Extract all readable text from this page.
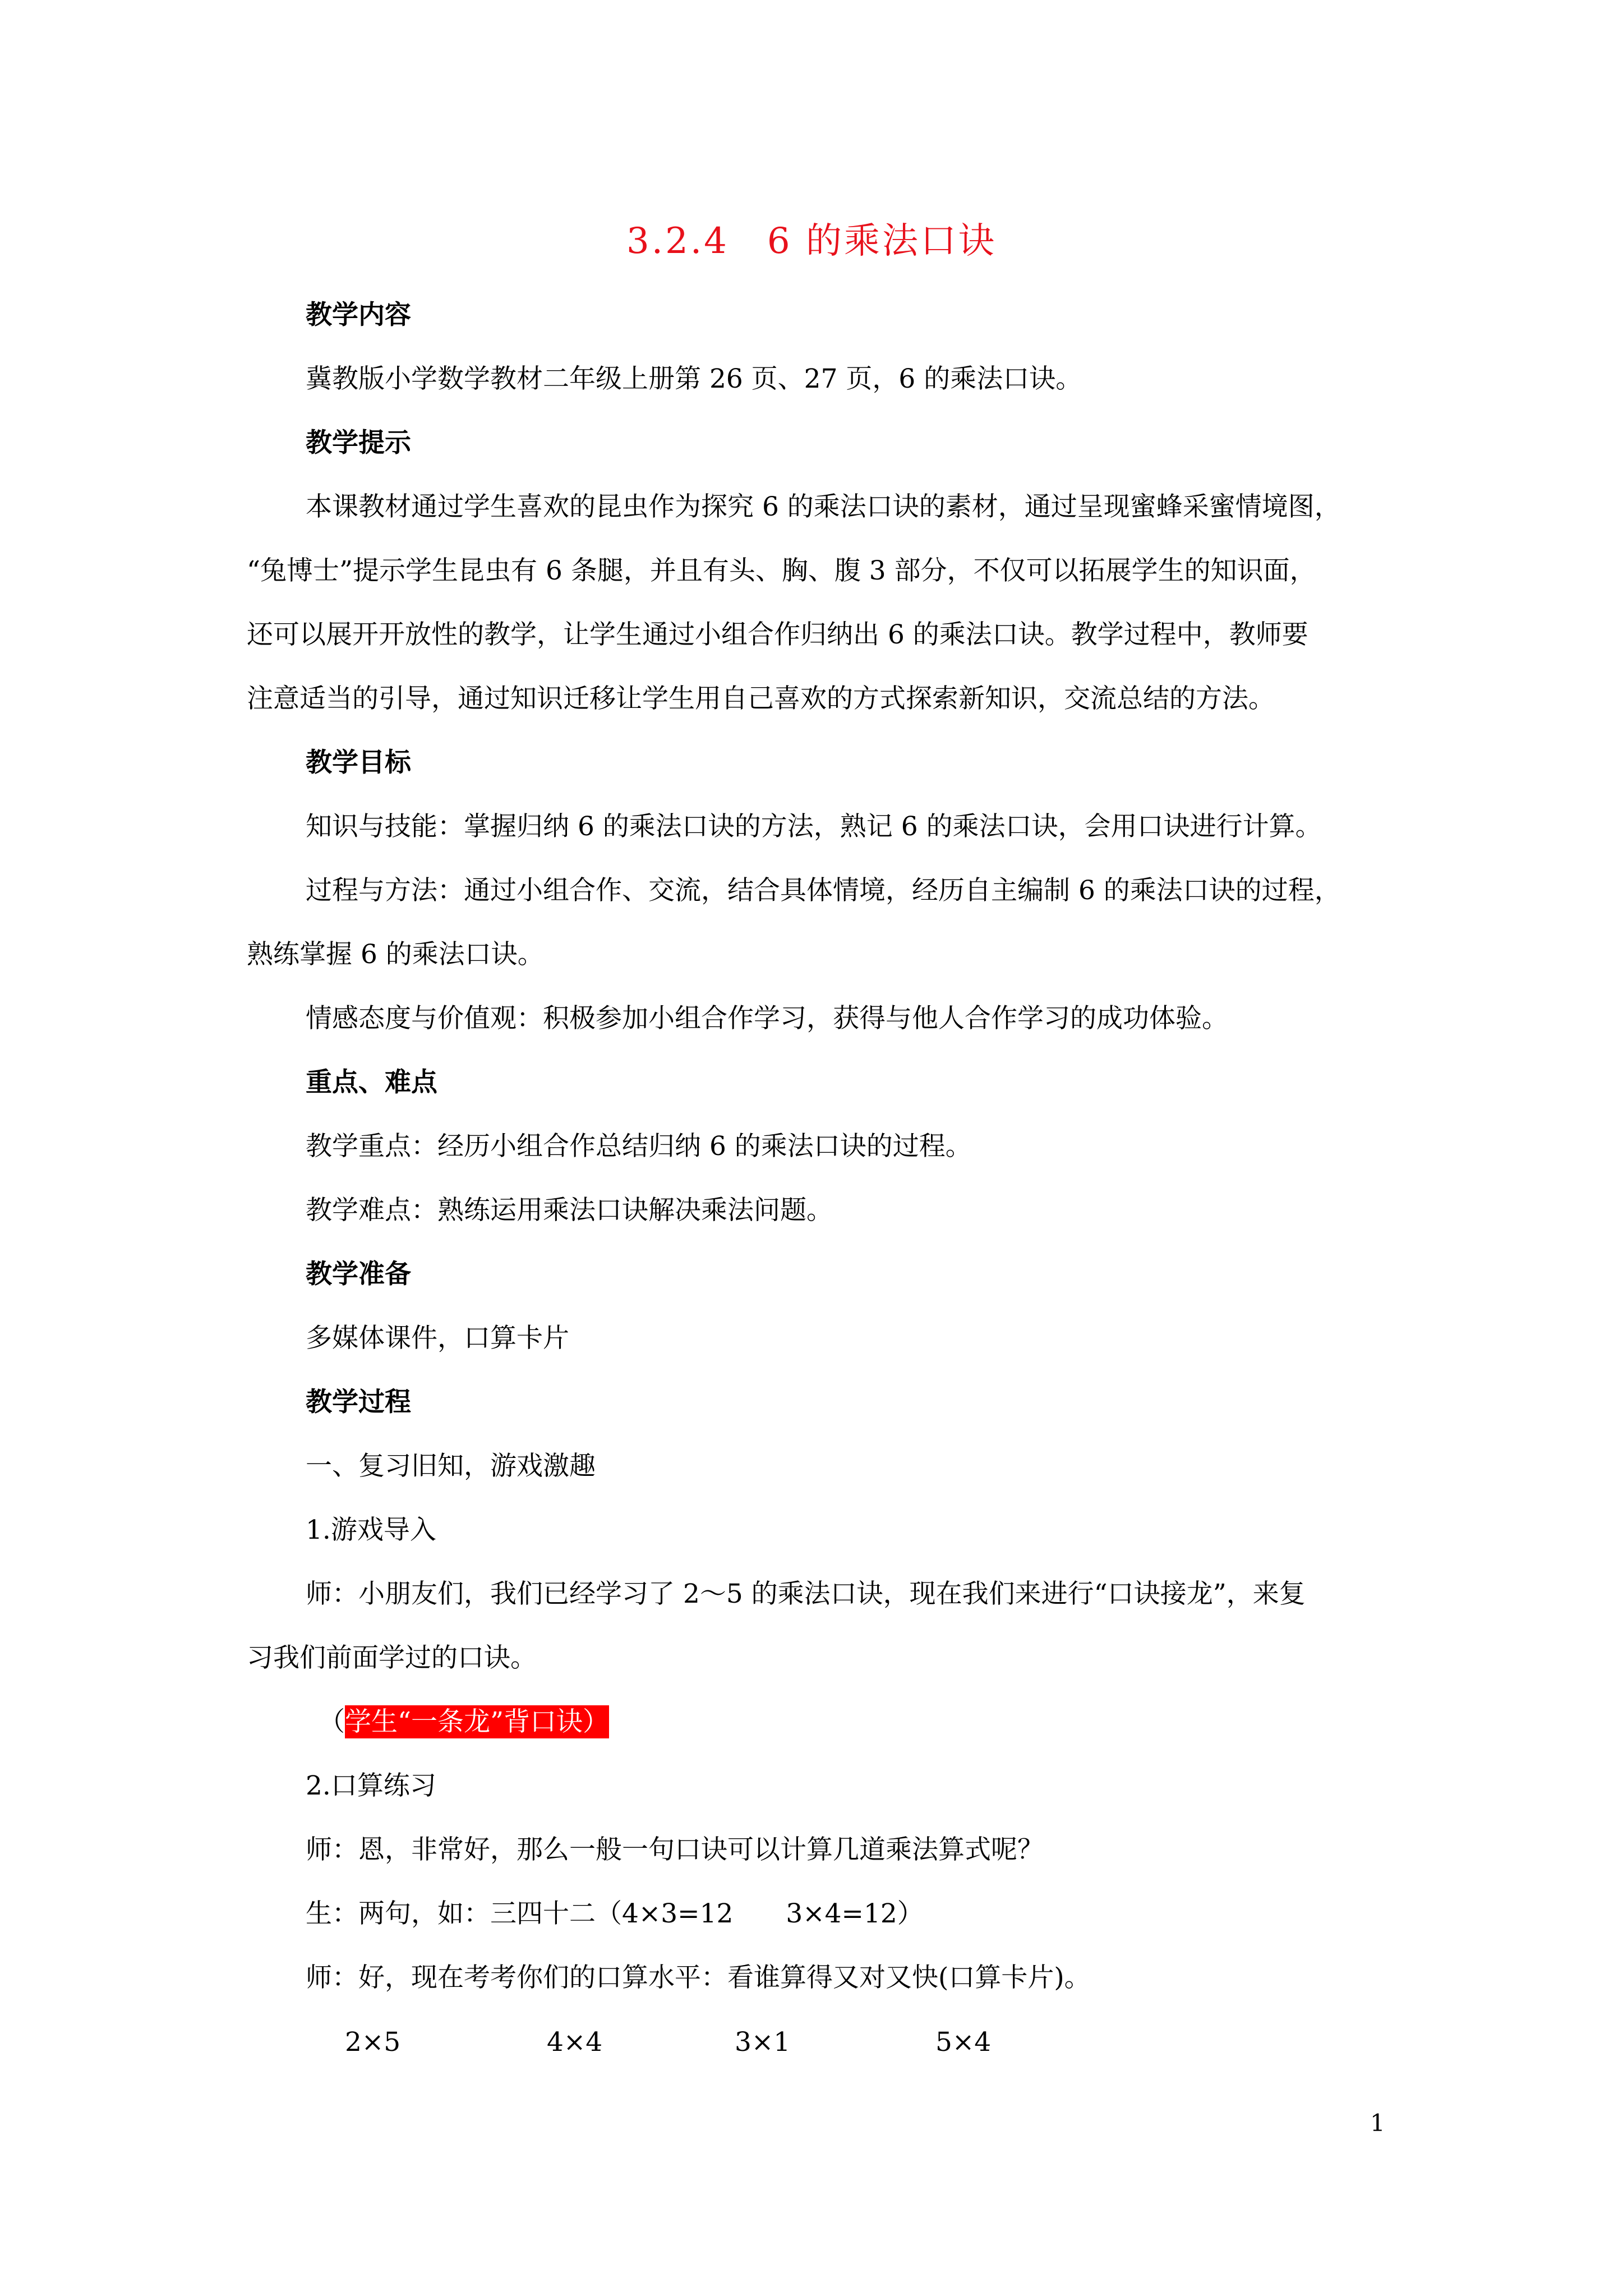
3.2.4　6 的乘法口诀
教学内容
冀教版小学数学教材二年级上册第 26 页、27 页，6 的乘法口诀。
教学提示
本课教材通过学生喜欢的昆虫作为探究 6 的乘法口诀的素材，通过呈现蜜蜂采蜜情境图，
“兔博士”提示学生昆虫有 6 条腿，并且有头、胸、腹 3 部分，不仅可以拓展学生的知识面，
还可以展开开放性的教学，让学生通过小组合作归纳出 6 的乘法口诀。教学过程中，教师要
注意适当的引导，通过知识迁移让学生用自己喜欢的方式探索新知识，交流总结的方法。
教学目标
知识与技能：掌握归纳 6 的乘法口诀的方法，熟记 6 的乘法口诀，会用口诀进行计算。
过程与方法：通过小组合作、交流，结合具体情境，经历自主编制 6 的乘法口诀的过程，
熟练掌握 6 的乘法口诀。
情感态度与价值观：积极参加小组合作学习，获得与他人合作学习的成功体验。
重点、难点
教学重点：经历小组合作总结归纳 6 的乘法口诀的过程。
教学难点：熟练运用乘法口诀解决乘法问题。
教学准备
多媒体课件，口算卡片
教学过程
一、复习旧知，游戏激趣
1.游戏导入
师：小朋友们，我们已经学习了 2～5 的乘法口诀，现在我们来进行“口诀接龙”，来复
习我们前面学过的口诀。
（学生“一条龙”背口诀）
2.口算练习
师：恩，非常好，那么一般一句口诀可以计算几道乘法算式呢？
生：两句，如：三四十二（4×3=12　　3×4=12）
师：好，现在考考你们的口算水平：看谁算得又对又快(口算卡片)。
2×5	4×4	3×1	5×4
1
